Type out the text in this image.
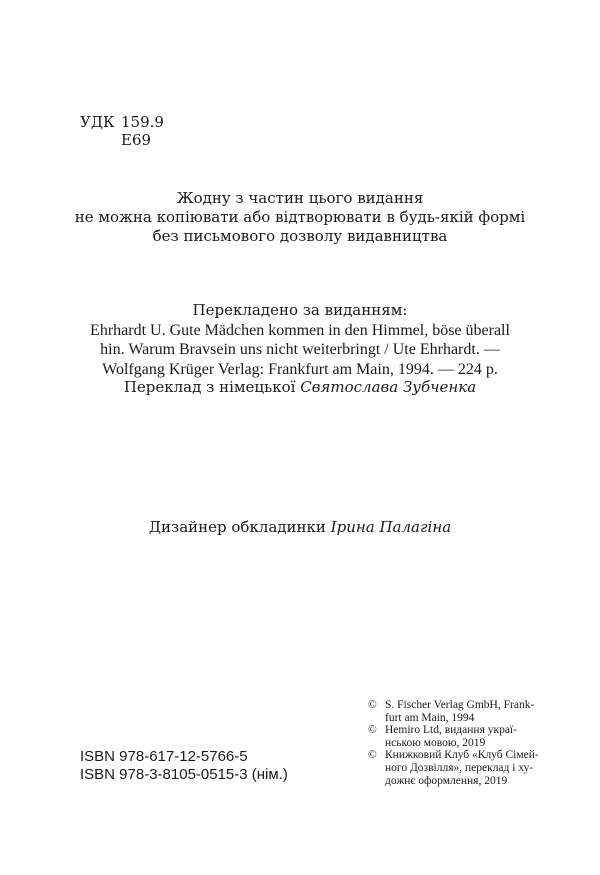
УДК 159.9
Е69
Жодну з частин цього видання
не можна копіювати або відтворювати в будь-якій формі
без письмового дозволу видавництва
Перекладено за виданням:
Ehrhardt U. Gute Mädchen kommen in den Himmel, böse überall
hin. Warum Bravsein uns nicht weiterbringt / Ute Ehrhardt. —
Wolfgang Krüger Verlag: Frankfurt am Main, 1994. — 224 p.
Переклад з німецької Святослава Зубченка
Дизайнер обкладинки Ірина Палагіна
ISBN 978-617-12-5766-5
ISBN 978-3-8105-0515-3 (нім.)
© S. Fischer Verlag GmbH, Frank-
furt am Main, 1994
© Hemiro Ltd, видання украї-
нською мовою, 2019
© Книжковий Клуб «Клуб Сімей-
ного Дозвілля», переклад і ху-
дожнє оформлення, 2019
